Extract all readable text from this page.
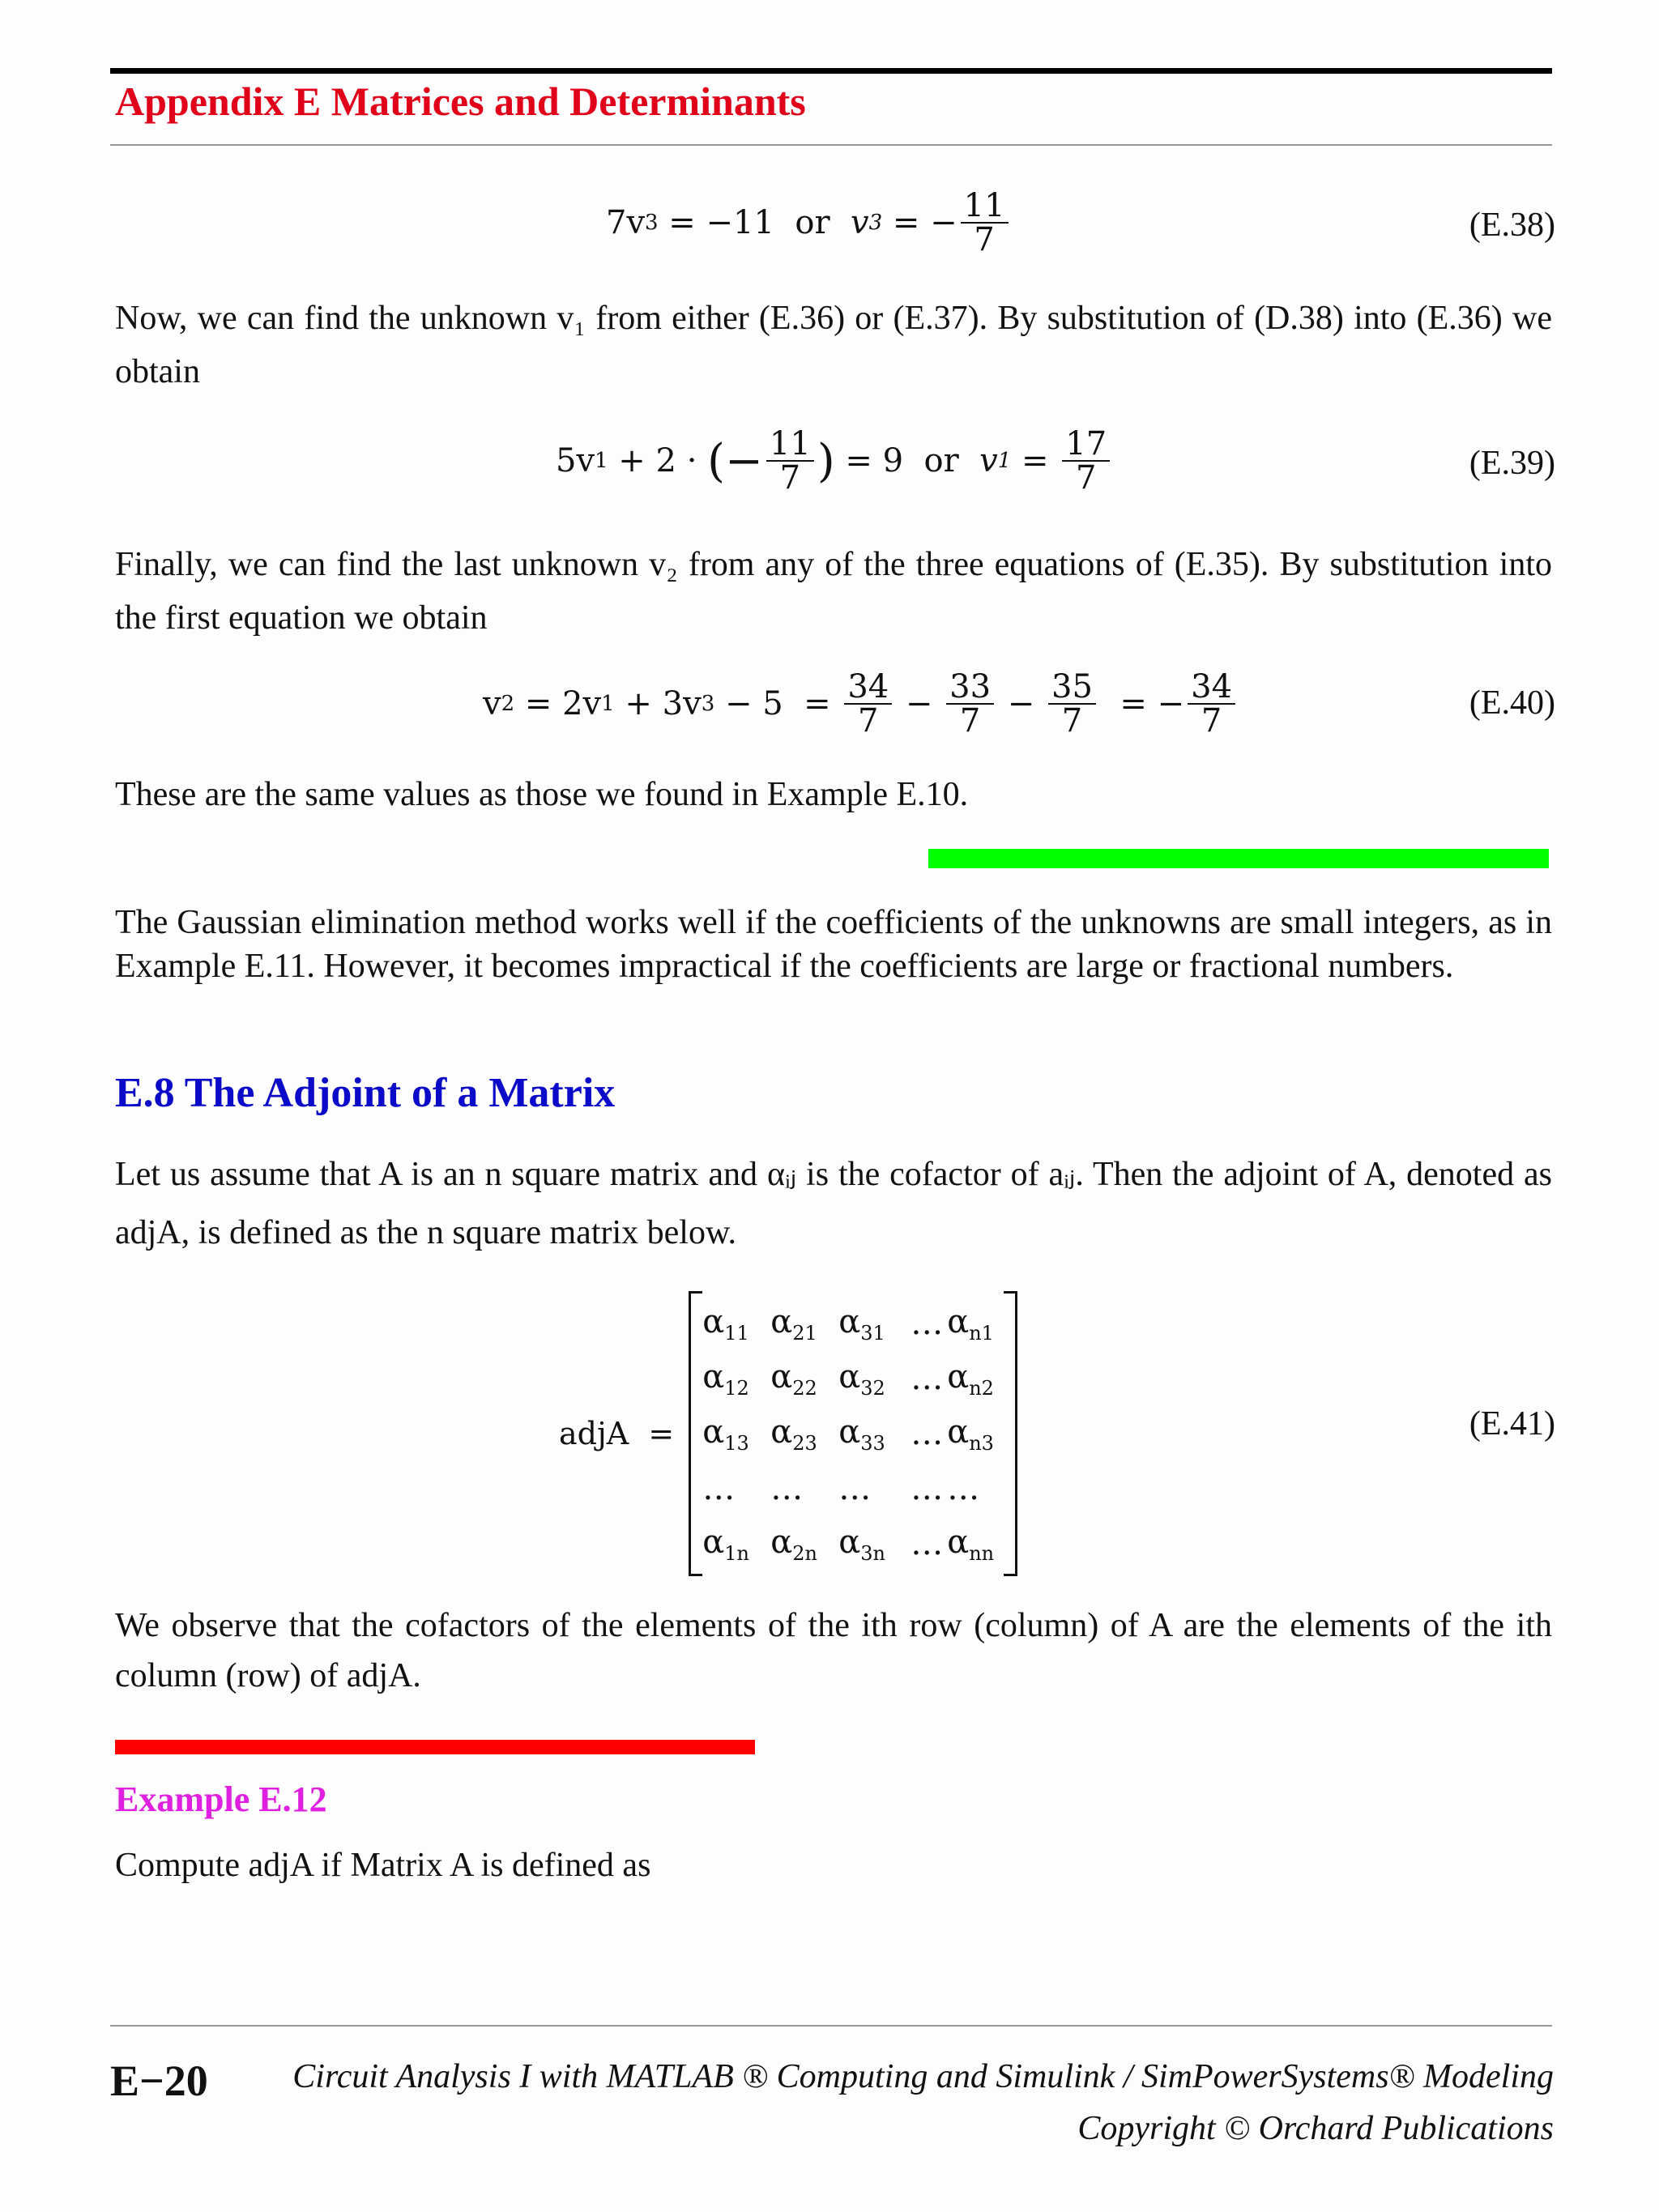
Appendix E Matrices and Determinants
7v 3 = −11  or v 3 = − $\frac{11}{7}$	(E.38)
Now, we can find the unknown v₁ from either (E.36) or (E.37). By substitution of (D.38) into (E.36) we obtain
5v 1 + 2 · (− $\frac{11}{7}$ ) = 9  or v $1 = \frac{17}{7}$	(E.39)
Finally, we can find the last unknown v₂ from any of the three equations of (E.35). By substitution into the first equation we obtain
v 2 = 2v 1 + 3v $3 - 5 = \frac{34}{7} - \frac{33}{7} - \frac{35}{7}$ = − $\frac{34}{7}$	(E.40)
These are the same values as those we found in Example E.10.
The Gaussian elimination method works well if the coefficients of the unknowns are small integers, as in Example E.11. However, it becomes impractical if the coefficients are large or fractional numbers.
E.8 The Adjoint of a Matrix
Let us assume that A is an n square matrix and αᵢⱼ is the cofactor of aᵢⱼ. Then the adjoint of A, denoted as adjA, is defined as the n square matrix below.
adjA  =
$\alpha_{11}$ $\alpha_{21}$ $\alpha_{31}$ … $\alpha_{n1}$
$\alpha_{12}$ $\alpha_{22}$ $\alpha_{32}$ … $\alpha_{n2}$
$\alpha_{13}$ $\alpha_{23}$ $\alpha_{33}$ … $\alpha_{n3}$
…	…	…	… …
$\alpha_{1n}$ $\alpha_{2n}$ $\alpha_{3n}$ … $\alpha_{nn}$
(E.41)
We observe that the cofactors of the elements of the ith row (column) of A are the elements of the ith column (row) of adjA.
Example E.12
Compute adjA if Matrix A is defined as
E−20 Circuit Analysis I with MATLAB ® Computing and Simulink / SimPowerSystems® Modeling
Copyright © Orchard Publications
